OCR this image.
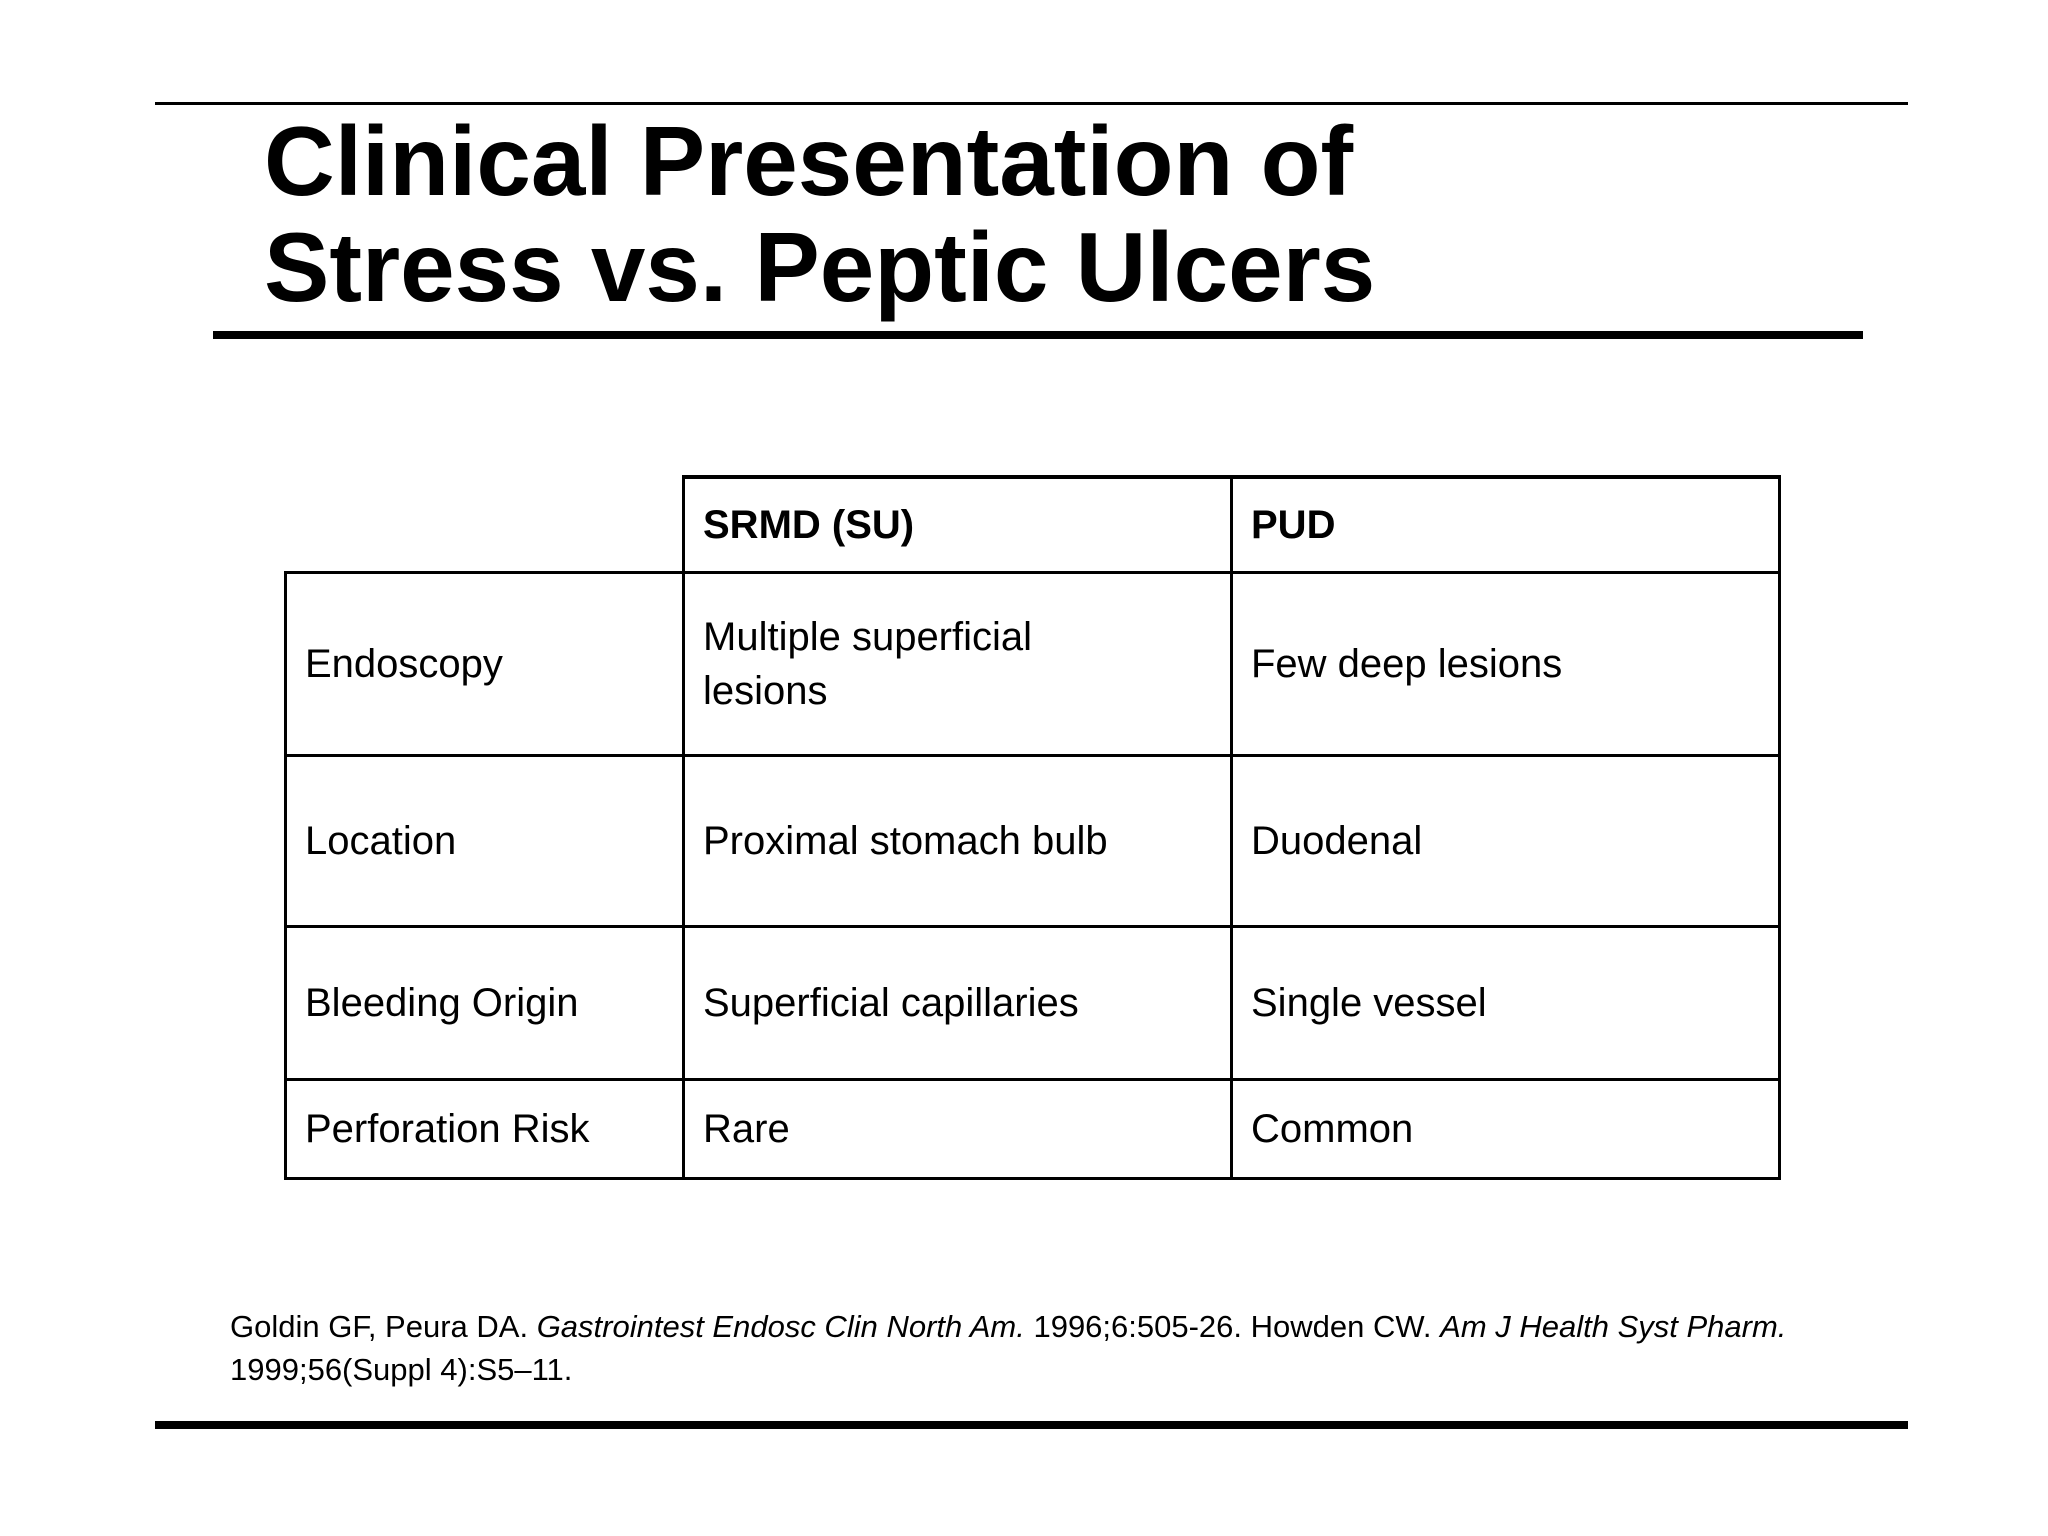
Clinical Presentation of
Stress vs. Peptic Ulcers
	SRMD (SU)	PUD
Endoscopy	Multiple superficial lesions	Few deep lesions
Location	Proximal stomach bulb	Duodenal
Bleeding Origin	Superficial capillaries	Single vessel
Perforation Risk	Rare	Common

Goldin GF, Peura DA. Gastrointest Endosc Clin North Am. 1996;6:505-26. Howden CW. Am J Health Syst Pharm. 1999;56(Suppl 4):S5–11.
